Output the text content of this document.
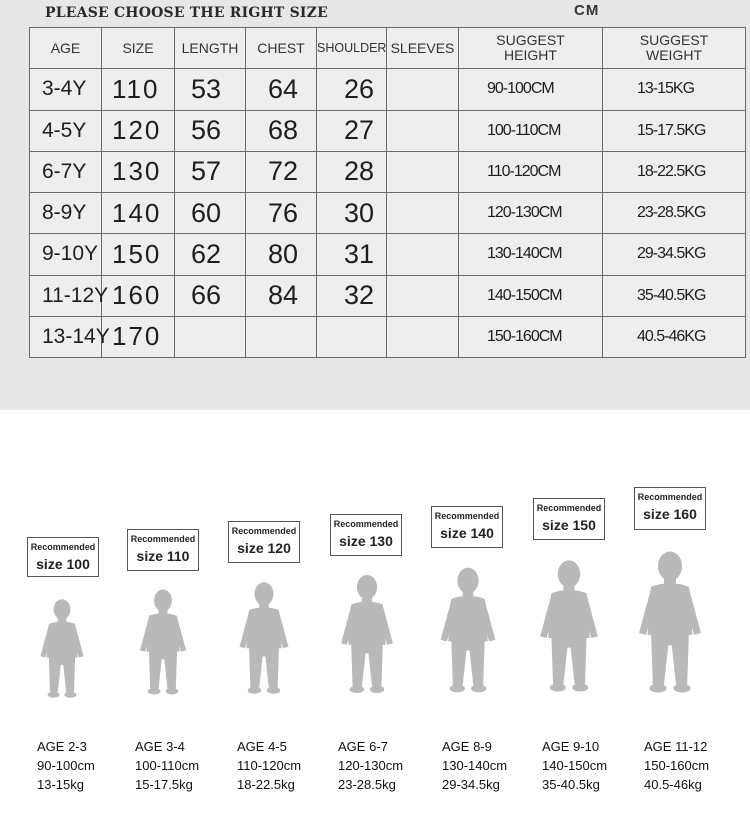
PLEASE CHOOSE THE RIGHT SIZE	CM
AGE	SIZE	LENGTH	CHEST	SHOULDER	SLEEVES	SUGGEST HEIGHT	SUGGEST WEIGHT
3-4Y	110	53	64	26		90-100CM	13-15KG
4-5Y	120	56	68	27		100-110CM	15-17.5KG
6-7Y	130	57	72	28		110-120CM	18-22.5KG
8-9Y	140	60	76	30		120-130CM	23-28.5KG
9-10Y	150	62	80	31		130-140CM	29-34.5KG
11-12Y	160	66	84	32		140-150CM	35-40.5KG
13-14Y	170					150-160CM	40.5-46KG
Recommended
size 100
AGE 2-3
90-100cm
13-15kg
Recommended
size 110
AGE 3-4
100-110cm
15-17.5kg
Recommended
size 120
AGE 4-5
110-120cm
18-22.5kg
Recommended
size 130
AGE 6-7
120-130cm
23-28.5kg
Recommended
size 140
AGE 8-9
130-140cm
29-34.5kg
Recommended
size 150
AGE 9-10
140-150cm
35-40.5kg
Recommended
size 160
AGE 11-12
150-160cm
40.5-46kg
